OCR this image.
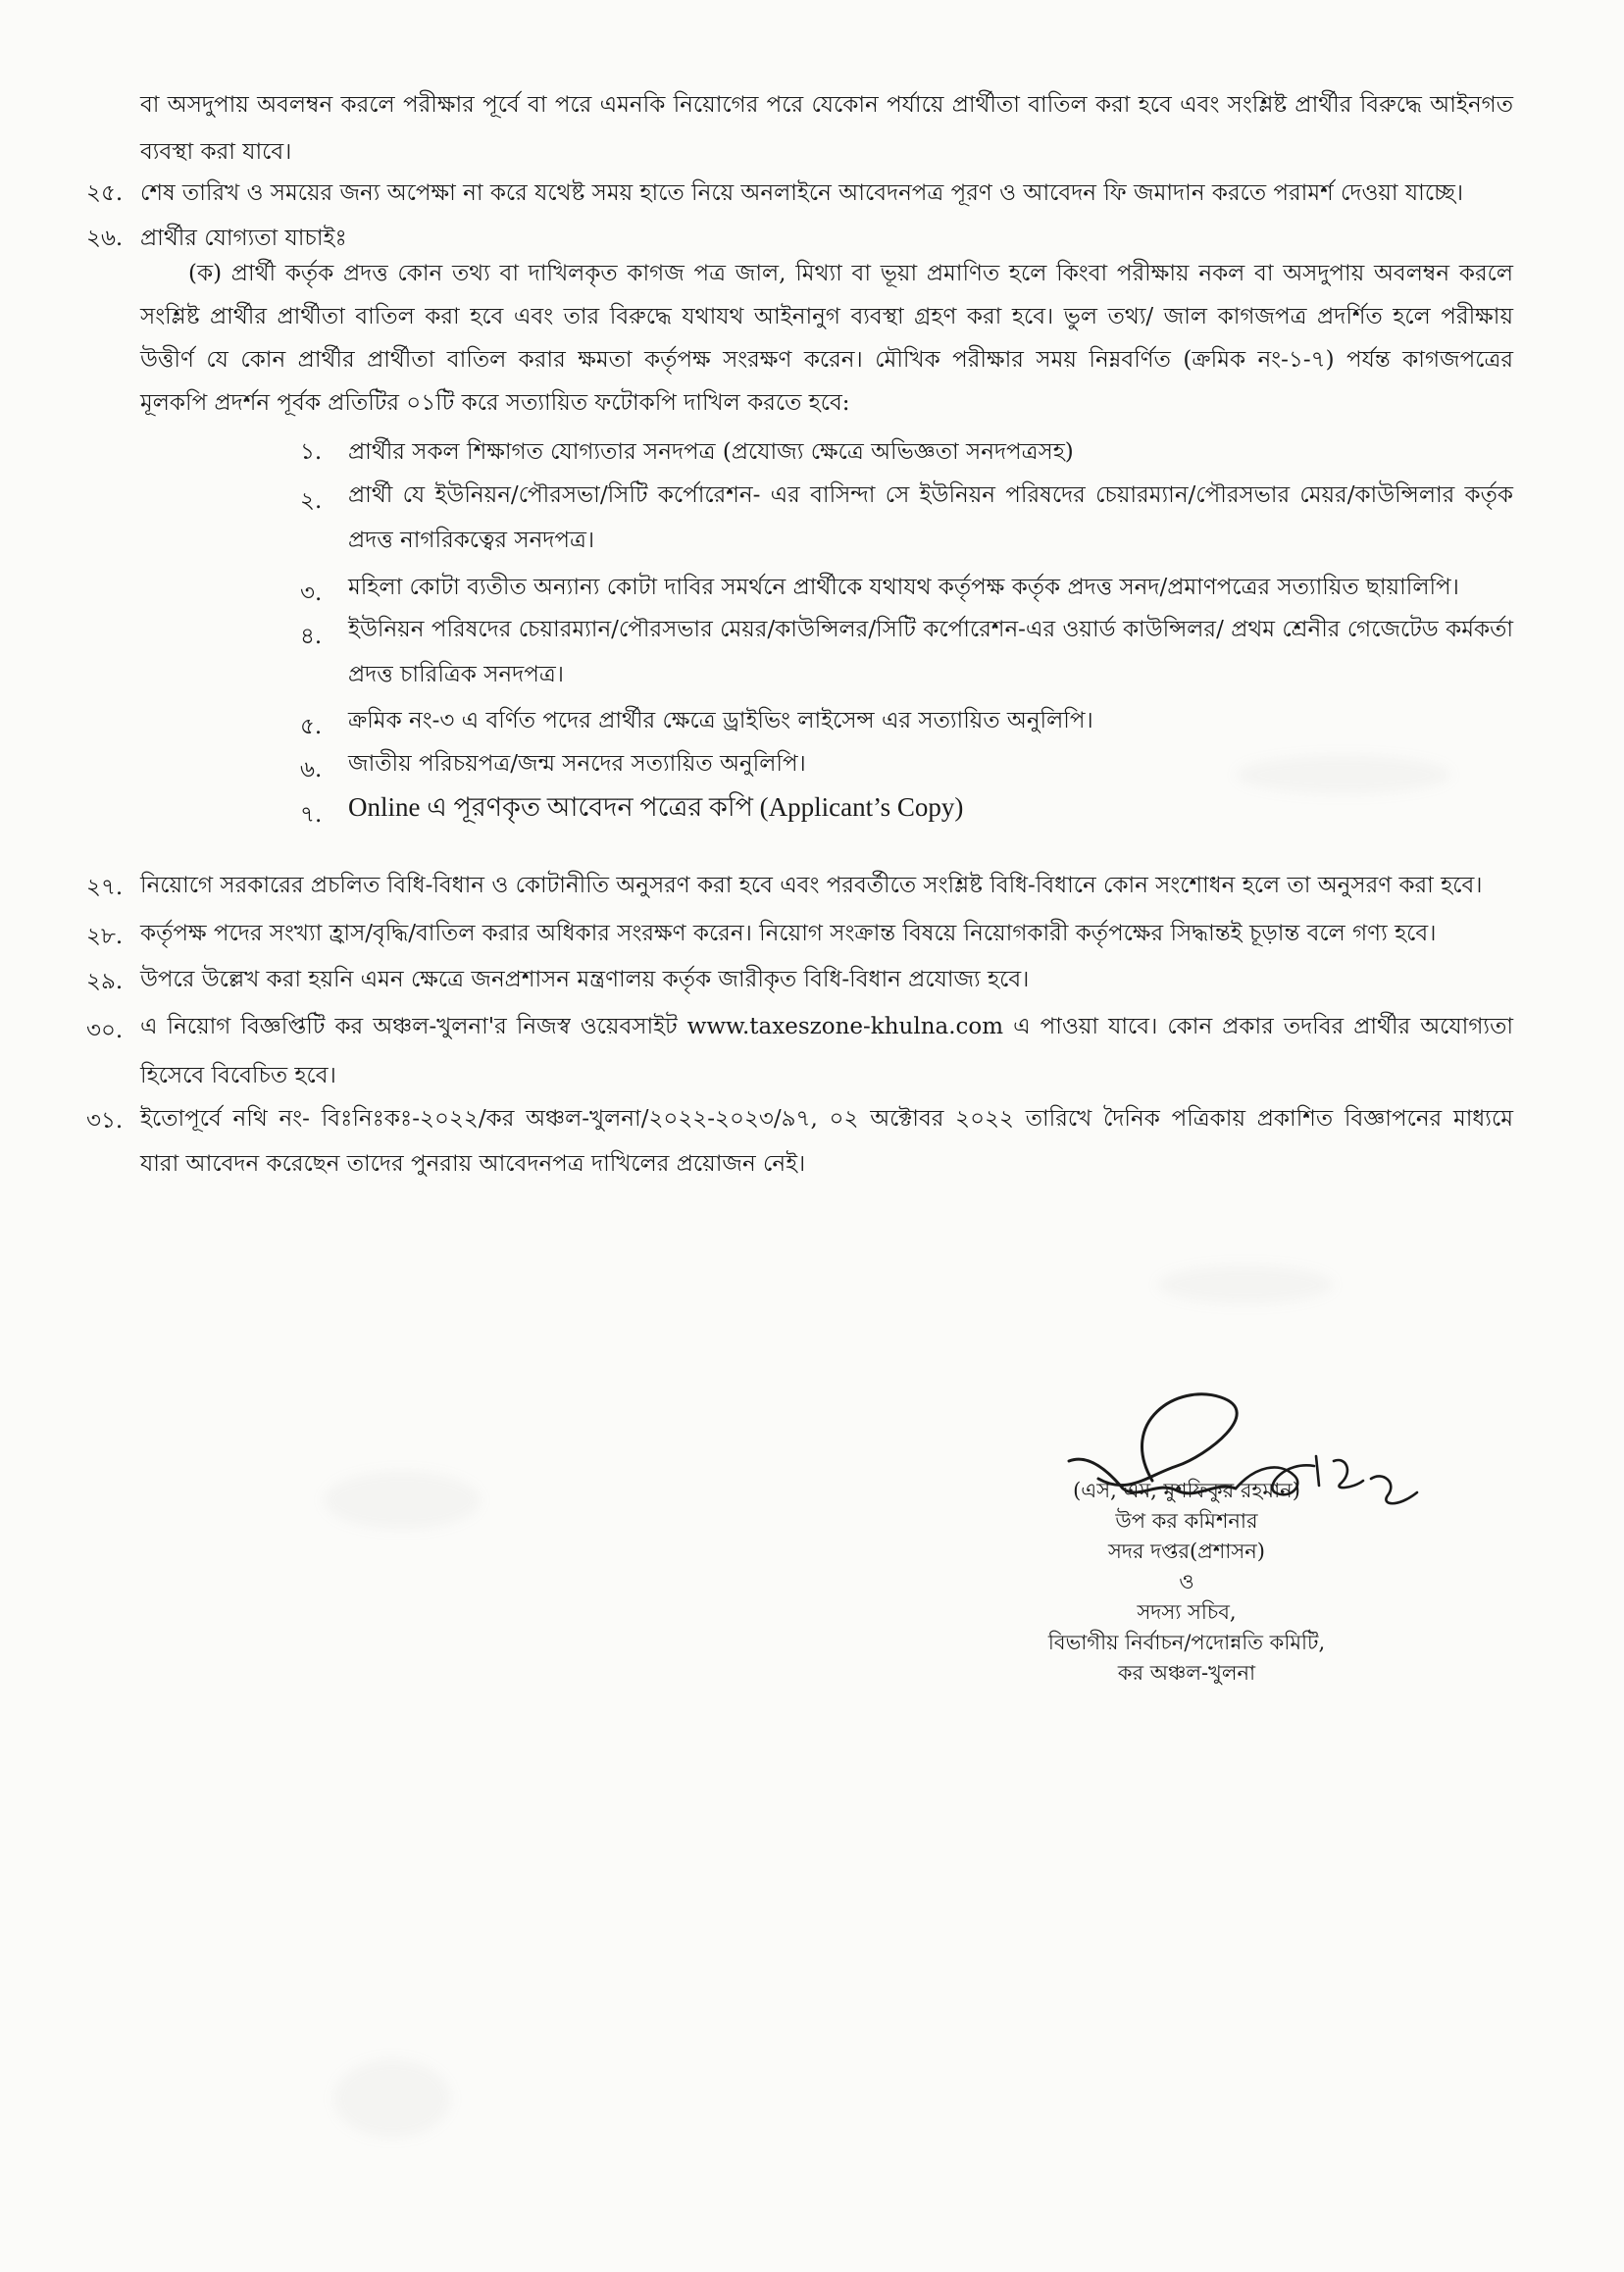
বা অসদুপায় অবলম্বন করলে পরীক্ষার পূর্বে বা পরে এমনকি নিয়োগের পরে যেকোন পর্যায়ে প্রার্থীতা বাতিল করা হবে এবং সংশ্লিষ্ট প্রার্থীর বিরুদ্ধে আইনগত
ব্যবস্থা করা যাবে।
২৫. শেষ তারিখ ও সময়ের জন্য অপেক্ষা না করে যথেষ্ট সময় হাতে নিয়ে অনলাইনে আবেদনপত্র পূরণ ও আবেদন ফি জমাদান করতে পরামর্শ দেওয়া যাচ্ছে।
২৬. প্রার্থীর যোগ্যতা যাচাইঃ
(ক) প্রার্থী কর্তৃক প্রদত্ত কোন তথ্য বা দাখিলকৃত কাগজ পত্র জাল, মিথ্যা বা ভূয়া প্রমাণিত হলে কিংবা পরীক্ষায় নকল বা অসদুপায় অবলম্বন করলে
সংশ্লিষ্ট প্রার্থীর প্রার্থীতা বাতিল করা হবে এবং তার বিরুদ্ধে যথাযথ আইনানুগ ব্যবস্থা গ্রহণ করা হবে। ভুল তথ্য/ জাল কাগজপত্র প্রদর্শিত হলে পরীক্ষায়
উত্তীর্ণ যে কোন প্রার্থীর প্রার্থীতা বাতিল করার ক্ষমতা কর্তৃপক্ষ সংরক্ষণ করেন। মৌখিক পরীক্ষার সময় নিম্নবর্ণিত (ক্রমিক নং-১-৭) পর্যন্ত কাগজপত্রের
মূলকপি প্রদর্শন পূর্বক প্রতিটির ০১টি করে সত্যায়িত ফটোকপি দাখিল করতে হবে:
১. প্রার্থীর সকল শিক্ষাগত যোগ্যতার সনদপত্র (প্রযোজ্য ক্ষেত্রে অভিজ্ঞতা সনদপত্রসহ)
২. প্রার্থী যে ইউনিয়ন/পৌরসভা/সিটি কর্পোরেশন- এর বাসিন্দা সে ইউনিয়ন পরিষদের চেয়ারম্যান/পৌরসভার মেয়র/কাউন্সিলার কর্তৃক
প্রদত্ত নাগরিকত্বের সনদপত্র।
৩. মহিলা কোটা ব্যতীত অন্যান্য কোটা দাবির সমর্থনে প্রার্থীকে যথাযথ কর্তৃপক্ষ কর্তৃক প্রদত্ত সনদ/প্রমাণপত্রের সত্যায়িত ছায়ালিপি।
৪. ইউনিয়ন পরিষদের চেয়ারম্যান/পৌরসভার মেয়র/কাউন্সিলর/সিটি কর্পোরেশন-এর ওয়ার্ড কাউন্সিলর/ প্রথম শ্রেনীর গেজেটেড কর্মকর্তা
প্রদত্ত চারিত্রিক সনদপত্র।
৫. ক্রমিক নং-৩ এ বর্ণিত পদের প্রার্থীর ক্ষেত্রে ড্রাইভিং লাইসেন্স এর সত্যায়িত অনুলিপি।
৬. জাতীয় পরিচয়পত্র/জন্ম সনদের সত্যায়িত অনুলিপি।
৭. Online এ পূরণকৃত আবেদন পত্রের কপি (Applicant’s Copy)
২৭. নিয়োগে সরকারের প্রচলিত বিধি-বিধান ও কোটানীতি অনুসরণ করা হবে এবং পরবর্তীতে সংশ্লিষ্ট বিধি-বিধানে কোন সংশোধন হলে তা অনুসরণ করা হবে।
২৮. কর্তৃপক্ষ পদের সংখ্যা হ্রাস/বৃদ্ধি/বাতিল করার অধিকার সংরক্ষণ করেন। নিয়োগ সংক্রান্ত বিষয়ে নিয়োগকারী কর্তৃপক্ষের সিদ্ধান্তই চূড়ান্ত বলে গণ্য হবে।
২৯. উপরে উল্লেখ করা হয়নি এমন ক্ষেত্রে জনপ্রশাসন মন্ত্রণালয় কর্তৃক জারীকৃত বিধি-বিধান প্রযোজ্য হবে।
৩০. এ নিয়োগ বিজ্ঞপ্তিটি কর অঞ্চল-খুলনা'র নিজস্ব ওয়েবসাইট www.taxeszone-khulna.com এ পাওয়া যাবে। কোন প্রকার তদবির প্রার্থীর অযোগ্যতা
হিসেবে বিবেচিত হবে।
৩১. ইতোপূর্বে নথি নং- বিঃনিঃকঃ-২০২২/কর অঞ্চল-খুলনা/২০২২-২০২৩/৯৭, ০২ অক্টোবর ২০২২ তারিখে দৈনিক পত্রিকায় প্রকাশিত বিজ্ঞাপনের মাধ্যমে
যারা আবেদন করেছেন তাদের পুনরায় আবেদনপত্র দাখিলের প্রয়োজন নেই।
(এস, এম, মুশফিকুর রহমান)
উপ কর কমিশনার
সদর দপ্তর(প্রশাসন)
ও
সদস্য সচিব,
বিভাগীয় নির্বাচন/পদোন্নতি কমিটি,
কর অঞ্চল-খুলনা
